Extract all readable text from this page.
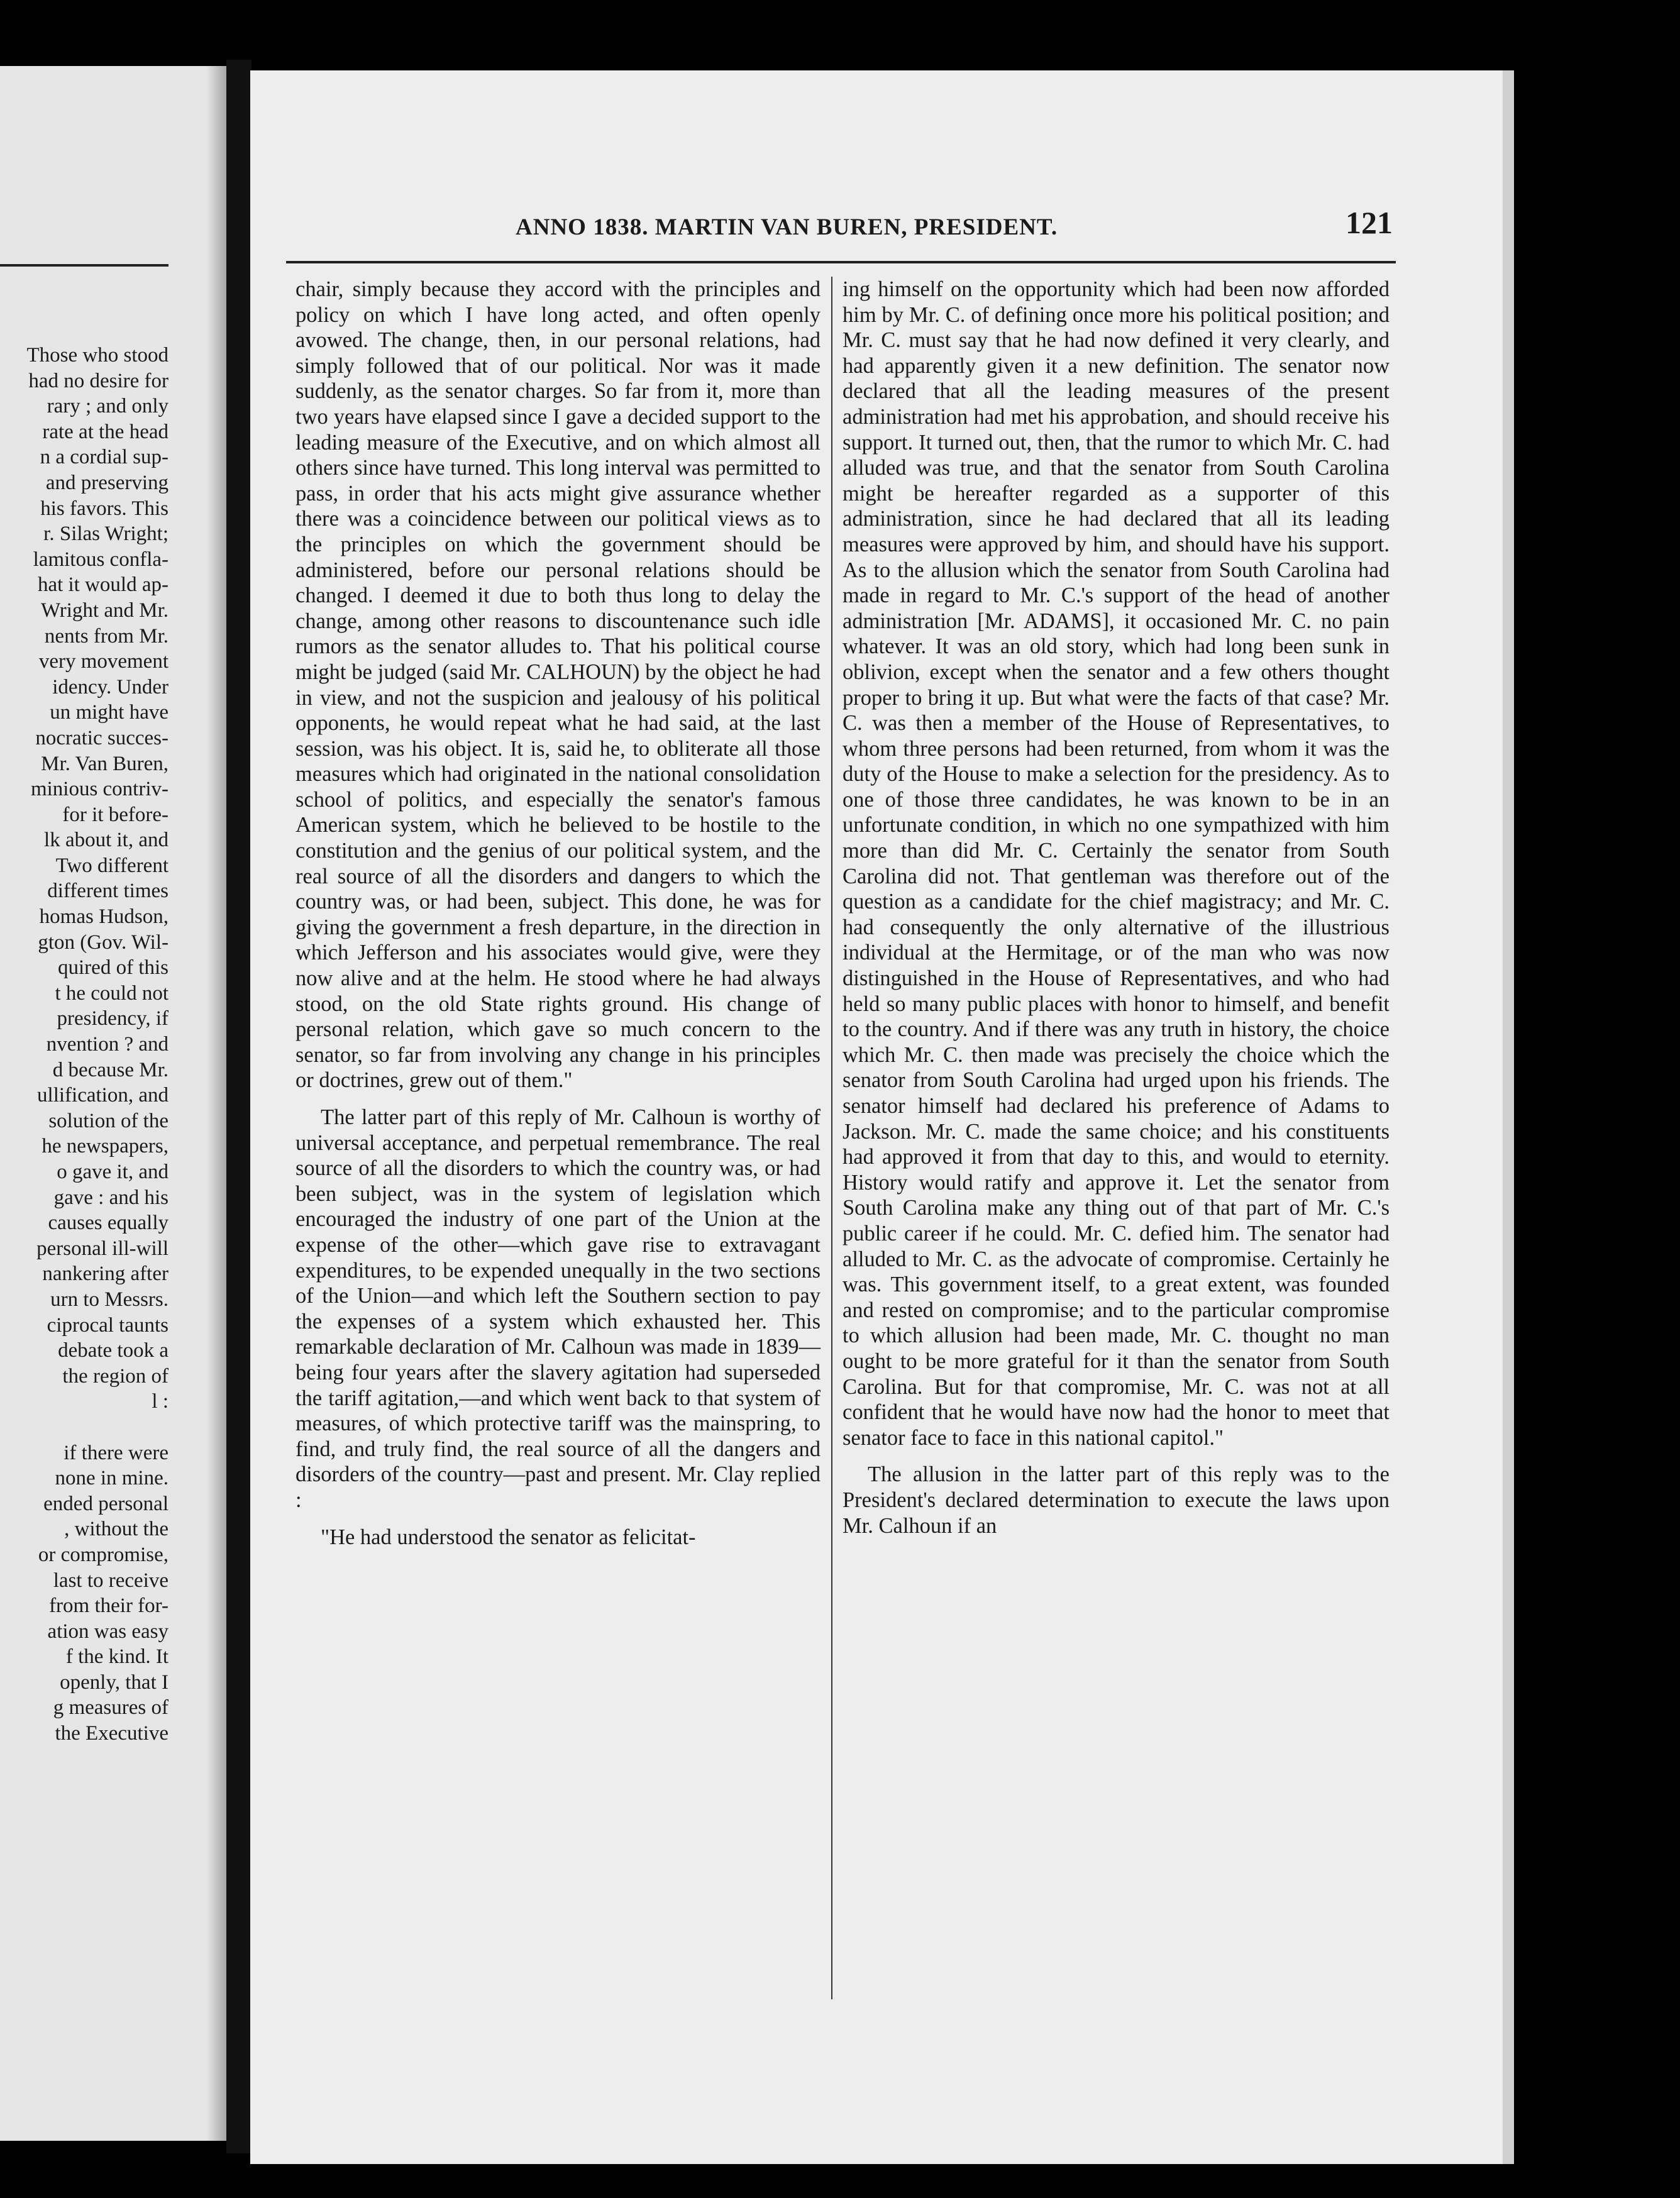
Those who stood
had no desire for
rary ; and only
rate at the head
n a cordial sup-
and preserving
his favors. This
r. Silas Wright;
lamitous confla-
hat it would ap-
Wright and Mr.
nents from Mr.
very movement
idency. Under
un might have
nocratic succes-
Mr. Van Buren,
minious contriv-
for it before-
lk about it, and
Two different
different times
homas Hudson,
gton (Gov. Wil-
quired of this
t he could not
presidency, if
nvention ? and
d because Mr.
ullification, and
solution of the
he newspapers,
o gave it, and
gave : and his
causes equally
personal ill-will
nankering after
urn to Messrs.
ciprocal taunts
debate took a
the region of
l :
if there were
none in mine.
ended personal
, without the
or compromise,
last to receive
from their for-
ation was easy
f the kind. It
openly, that I
g measures of
the Executive
ANNO 1838. MARTIN VAN BUREN, PRESIDENT.	121

chair, simply because they accord with the principles and policy on which I have long acted, and often openly avowed. The change, then, in our personal relations, had simply followed that of our political. Nor was it made suddenly, as the senator charges. So far from it, more than two years have elapsed since I gave a decided support to the leading measure of the Executive, and on which almost all others since have turned. This long interval was permitted to pass, in order that his acts might give assurance whether there was a coincidence between our political views as to the principles on which the government should be administered, before our personal relations should be changed. I deemed it due to both thus long to delay the change, among other reasons to discountenance such idle rumors as the senator alludes to. That his political course might be judged (said Mr. CALHOUN) by the object he had in view, and not the suspicion and jealousy of his political opponents, he would repeat what he had said, at the last session, was his object. It is, said he, to obliterate all those measures which had originated in the national consolidation school of politics, and especially the senator's famous American system, which he believed to be hostile to the constitution and the genius of our political system, and the real source of all the disorders and dangers to which the country was, or had been, subject. This done, he was for giving the government a fresh departure, in the direction in which Jefferson and his associates would give, were they now alive and at the helm. He stood where he had always stood, on the old State rights ground. His change of personal relation, which gave so much concern to the senator, so far from involving any change in his principles or doctrines, grew out of them."

The latter part of this reply of Mr. Calhoun is worthy of universal acceptance, and perpetual remembrance. The real source of all the disorders to which the country was, or had been subject, was in the system of legislation which encouraged the industry of one part of the Union at the expense of the other—which gave rise to extravagant expenditures, to be expended unequally in the two sections of the Union—and which left the Southern section to pay the expenses of a system which exhausted her. This remarkable declaration of Mr. Calhoun was made in 1839—being four years after the slavery agitation had superseded the tariff agitation,—and which went back to that system of measures, of which protective tariff was the mainspring, to find, and truly find, the real source of all the dangers and disorders of the country—past and present. Mr. Clay replied :

"He had understood the senator as felicitat-

ing himself on the opportunity which had been now afforded him by Mr. C. of defining once more his political position; and Mr. C. must say that he had now defined it very clearly, and had apparently given it a new definition. The senator now declared that all the leading measures of the present administration had met his approbation, and should receive his support. It turned out, then, that the rumor to which Mr. C. had alluded was true, and that the senator from South Carolina might be hereafter regarded as a supporter of this administration, since he had declared that all its leading measures were approved by him, and should have his support. As to the allusion which the senator from South Carolina had made in regard to Mr. C.'s support of the head of another administration [Mr. ADAMS], it occasioned Mr. C. no pain whatever. It was an old story, which had long been sunk in oblivion, except when the senator and a few others thought proper to bring it up. But what were the facts of that case? Mr. C. was then a member of the House of Representatives, to whom three persons had been returned, from whom it was the duty of the House to make a selection for the presidency. As to one of those three candidates, he was known to be in an unfortunate condition, in which no one sympathized with him more than did Mr. C. Certainly the senator from South Carolina did not. That gentleman was therefore out of the question as a candidate for the chief magistracy; and Mr. C. had consequently the only alternative of the illustrious individual at the Hermitage, or of the man who was now distinguished in the House of Representatives, and who had held so many public places with honor to himself, and benefit to the country. And if there was any truth in history, the choice which Mr. C. then made was precisely the choice which the senator from South Carolina had urged upon his friends. The senator himself had declared his preference of Adams to Jackson. Mr. C. made the same choice; and his constituents had approved it from that day to this, and would to eternity. History would ratify and approve it. Let the senator from South Carolina make any thing out of that part of Mr. C.'s public career if he could. Mr. C. defied him. The senator had alluded to Mr. C. as the advocate of compromise. Certainly he was. This government itself, to a great extent, was founded and rested on compromise; and to the particular compromise to which allusion had been made, Mr. C. thought no man ought to be more grateful for it than the senator from South Carolina. But for that compromise, Mr. C. was not at all confident that he would have now had the honor to meet that senator face to face in this national capitol."

The allusion in the latter part of this reply was to the President's declared determination to execute the laws upon Mr. Calhoun if an
